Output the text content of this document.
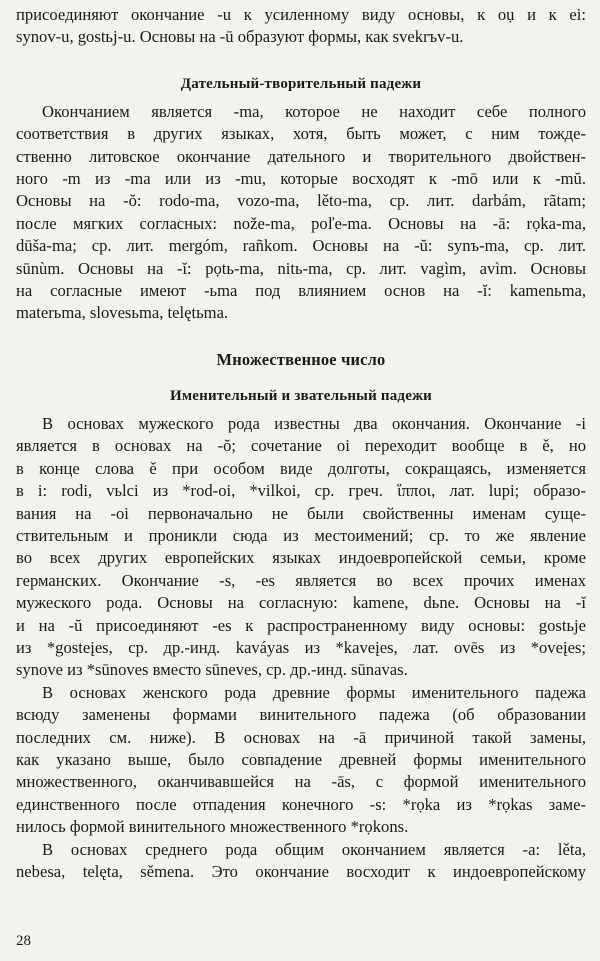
присоединяют окончание -u к усиленному виду основы, к оụ и к ei:
synov-u, gostьj-u. Основы на -ū образуют формы, как svekrъv-u.
Дательный-творительный падежи
Окончанием является -ma, которое не находит себе полного
соответствия в других языках, хотя, быть может, с ним тожде-
ственно литовское окончание дательного и творительного двойствен-
ного -m из -ma или из -mu, которые восходят к -mō или к -mŭ.
Основы на -ŏ: rodo-ma, vozo-ma, lěto-ma, ср. лит. darbám, rãtam;
после мягких согласных: nože-ma, poľe-ma. Основы на -ā: rọka-ma,
dūša-ma; ср. лит. mergóm, rañkom. Основы на -ŭ: synъ-ma, ср. лит.
sūnùm. Основы на -ĭ: pọtь-ma, nitь-ma, ср. лит. vagìm, avìm. Основы
на согласные имеют -ьma под влиянием основ на -ĭ: kamenьma,
materьma, slovesьma, telętьma.
Множественное число
Именительный и звательный падежи
В основах мужеского рода известны два окончания. Окончание -i
является в основах на -ŏ; сочетание oi переходит вообще в ě, но
в конце слова ě при особом виде долготы, сокращаясь, изменяется
в i: rodi, vьlci из *rod-oi, *vilkoi, ср. греч. ἵπποι, лат. lupi; образо-
вания на -oi первоначально не были свойственны именам суще-
ствительным и проникли сюда из местоимений; ср. то же явление
во всех других европейских языках индоевропейской семьи, кроме
германских. Окончание -s, -es является во всех прочих именах
мужеского рода. Основы на согласную: kamene, dьne. Основы на -ĭ
и на -ŭ присоединяют -es к распространенному виду основы: gostьje
из *gosteįes, ср. др.-инд. kaváyas из *kaveįes, лат. ovēs из *oveįes;
synove из *sūnoves вместо sūneves, ср. др.-инд. sūnavas.
В основах женского рода древние формы именительного падежа
всюду заменены формами винительного падежа (об образовании
последних см. ниже). В основах на -ā причиной такой замены,
как указано выше, было совпадение древней формы именительного
множественного, оканчивавшейся на -ās, с формой именительного
единственного после отпадения конечного -s: *rọka из *rọkas заме-
нилось формой винительного множественного *rọkons.
В основах среднего рода общим окончанием является -a: lěta,
nebesa, telęta, sěmena. Это окончание восходит к индоевропейскому
28
